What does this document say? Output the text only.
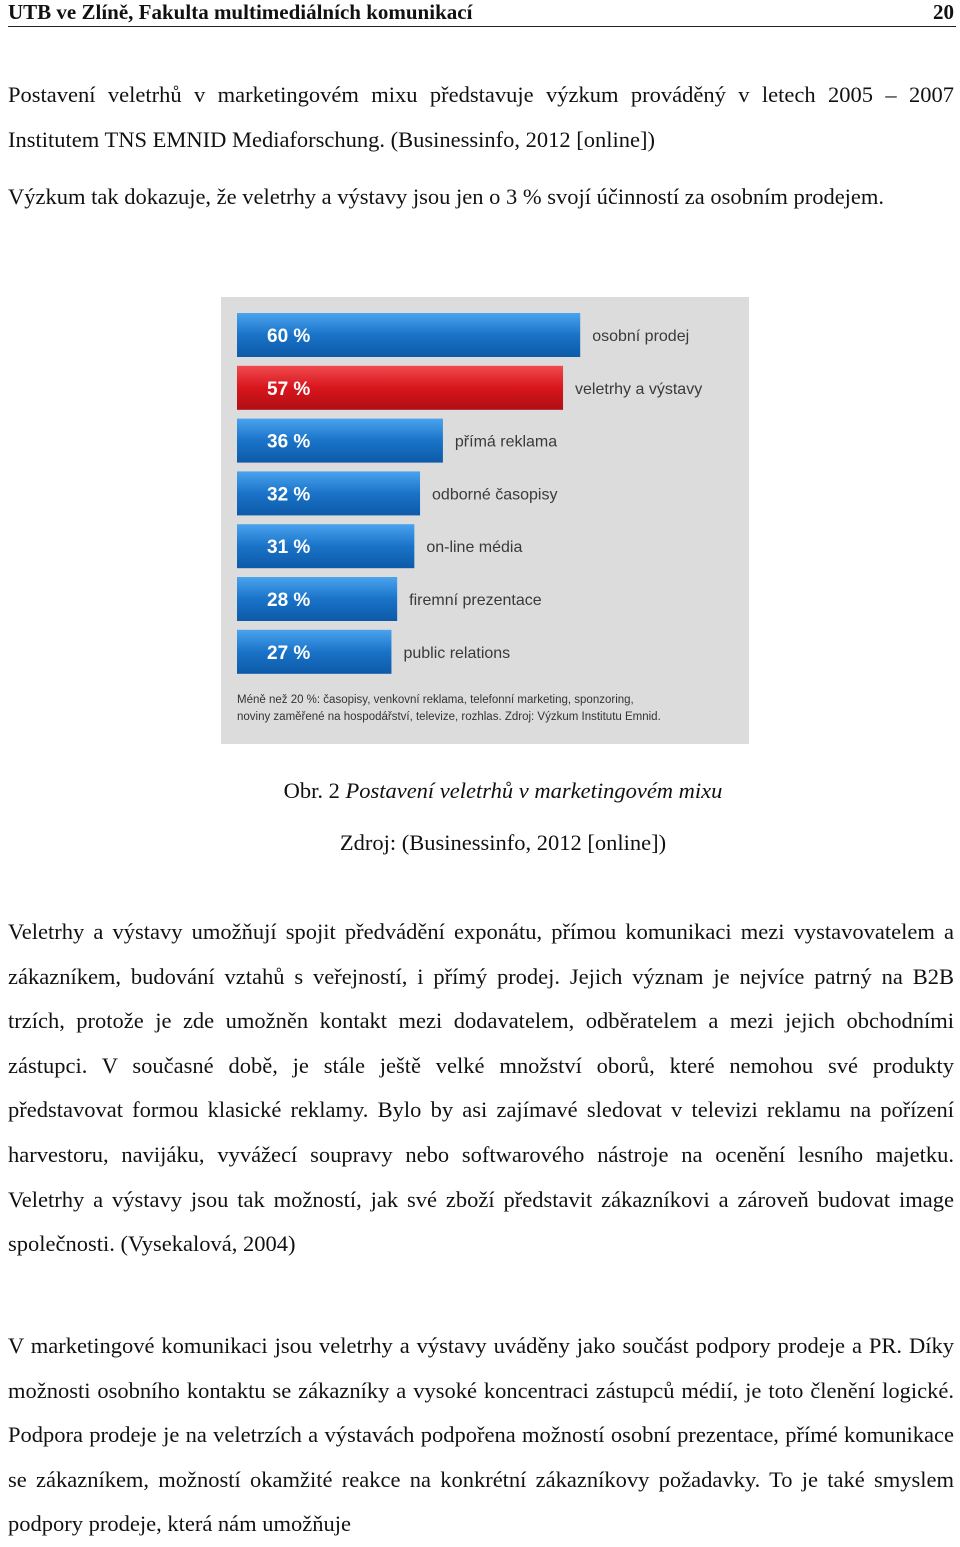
UTB ve Zlíně, Fakulta multimediálních komunikací	20

Postavení veletrhů v marketingovém mixu představuje výzkum prováděný v letech 2005 – 2007 Institutem TNS EMNID Mediaforschung. (Businessinfo, 2012 [online])

Výzkum tak dokazuje, že veletrhy a výstavy jsou jen o 3 % svojí účinností za osobním prodejem.

60 %	osobní prodej
57 %	veletrhy a výstavy
36 %	přímá reklama
32 %	odborné časopisy
31 %	on-line média
28 %	firemní prezentace
27 %	public relations
Méně než 20 %: časopisy, venkovní reklama, telefonní marketing, sponzoring,
noviny zaměřené na hospodářství, televize, rozhlas. Zdroj: Výzkum Institutu Emnid.
Obr. 2 Postavení veletrhů v marketingovém mixu
Zdroj: (Businessinfo, 2012 [online])

Veletrhy a výstavy umožňují spojit předvádění exponátu, přímou komunikaci mezi vystavovatelem a zákazníkem, budování vztahů s veřejností, i přímý prodej. Jejich význam je nejvíce patrný na B2B trzích, protože je zde umožněn kontakt mezi dodavatelem, odběratelem a mezi jejich obchodními zástupci. V současné době, je stále ještě velké množství oborů, které nemohou své produkty představovat formou klasické reklamy. Bylo by asi zajímavé sledovat v televizi reklamu na pořízení harvestoru, navijáku, vyvážecí soupravy nebo softwarového nástroje na ocenění lesního majetku. Veletrhy a výstavy jsou tak možností, jak své zboží představit zákazníkovi a zároveň budovat image společnosti. (Vysekalová, 2004)

V marketingové komunikaci jsou veletrhy a výstavy uváděny jako součást podpory prodeje a PR. Díky možnosti osobního kontaktu se zákazníky a vysoké koncentraci zástupců médií, je toto členění logické. Podpora prodeje je na veletrzích a výstavách podpořena možností osobní prezentace, přímé komunikace se zákazníkem, možností okamžité reakce na konkrétní zákazníkovy požadavky. To je také smyslem podpory prodeje, která nám umožňuje
